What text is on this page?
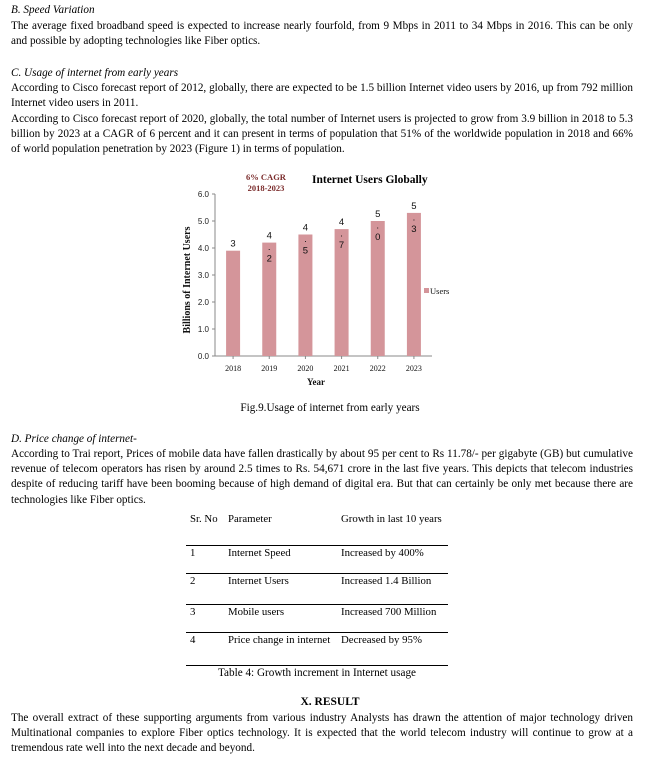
B. Speed Variation
The average fixed broadband speed is expected to increase nearly fourfold, from 9 Mbps in 2011 to 34 Mbps in 2016. This can be only and possible by adopting technologies like Fiber optics.
C. Usage of internet from early years
According to Cisco forecast report of 2012, globally, there are expected to be 1.5 billion Internet video users by 2016, up from 792 million Internet video users in 2011.
According to Cisco forecast report of 2020, globally, the total number of Internet users is projected to grow from 3.9 billion in 2018 to 5.3 billion by 2023 at a CAGR of 6 percent and it can present in terms of population that 51% of the worldwide population in 2018 and 66% of world population penetration by 2023 (Figure 1) in terms of population.
6% CAGR
2018-2023
Internet Users Globally
6.0
5.0
4.0
3.0
2.0
1.0
0.0
2018
3
2019
4 . 2
2020
4 . 5
2021
4 . 7
2022
5 . 0
2023
5 . 3
Year
Billions of Internet Users	Users
Fig.9.Usage of internet from early years
D. Price change of internet-
According to Trai report, Prices of mobile data have fallen drastically by about 95 per cent to Rs 11.78/- per gigabyte (GB) but cumulative revenue of telecom operators has risen by around 2.5 times to Rs. 54,671 crore in the last five years. This depicts that telecom industries despite of reducing tariff have been booming because of high demand of digital era. But that can certainly be only met because there are technologies like Fiber optics.
Sr. No	Parameter	Growth in last 10 years
1	Internet Speed	Increased by 400%
2	Internet Users	Increased 1.4 Billion
3	Mobile users	Increased 700 Million
4	Price change in internet	Decreased by 95%
Table 4: Growth increment in Internet usage
X. RESULT
The overall extract of these supporting arguments from various industry Analysts has drawn the attention of major technology driven Multinational companies to explore Fiber optics technology. It is expected that the world telecom industry will continue to grow at a tremendous rate well into the next decade and beyond.
